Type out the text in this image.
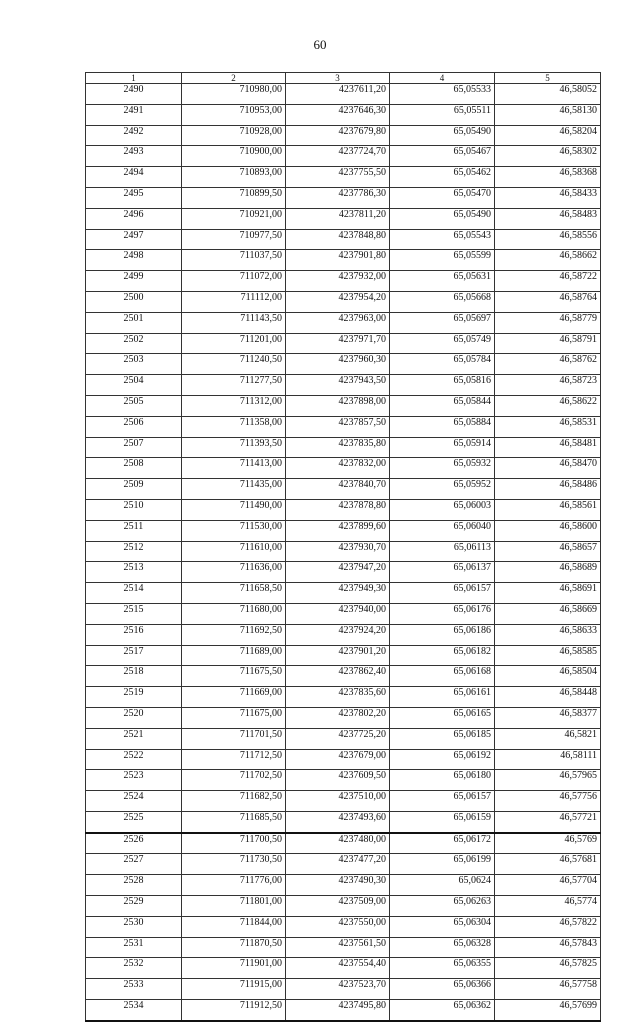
60
1	2	3	4	5
2490	710980,00	4237611,20	65,05533	46,58052
2491	710953,00	4237646,30	65,05511	46,58130
2492	710928,00	4237679,80	65,05490	46,58204
2493	710900,00	4237724,70	65,05467	46,58302
2494	710893,00	4237755,50	65,05462	46,58368
2495	710899,50	4237786,30	65,05470	46,58433
2496	710921,00	4237811,20	65,05490	46,58483
2497	710977,50	4237848,80	65,05543	46,58556
2498	711037,50	4237901,80	65,05599	46,58662
2499	711072,00	4237932,00	65,05631	46,58722
2500	711112,00	4237954,20	65,05668	46,58764
2501	711143,50	4237963,00	65,05697	46,58779
2502	711201,00	4237971,70	65,05749	46,58791
2503	711240,50	4237960,30	65,05784	46,58762
2504	711277,50	4237943,50	65,05816	46,58723
2505	711312,00	4237898,00	65,05844	46,58622
2506	711358,00	4237857,50	65,05884	46,58531
2507	711393,50	4237835,80	65,05914	46,58481
2508	711413,00	4237832,00	65,05932	46,58470
2509	711435,00	4237840,70	65,05952	46,58486
2510	711490,00	4237878,80	65,06003	46,58561
2511	711530,00	4237899,60	65,06040	46,58600
2512	711610,00	4237930,70	65,06113	46,58657
2513	711636,00	4237947,20	65,06137	46,58689
2514	711658,50	4237949,30	65,06157	46,58691
2515	711680,00	4237940,00	65,06176	46,58669
2516	711692,50	4237924,20	65,06186	46,58633
2517	711689,00	4237901,20	65,06182	46,58585
2518	711675,50	4237862,40	65,06168	46,58504
2519	711669,00	4237835,60	65,06161	46,58448
2520	711675,00	4237802,20	65,06165	46,58377
2521	711701,50	4237725,20	65,06185	46,5821
2522	711712,50	4237679,00	65,06192	46,58111
2523	711702,50	4237609,50	65,06180	46,57965
2524	711682,50	4237510,00	65,06157	46,57756
2525	711685,50	4237493,60	65,06159	46,57721
2526	711700,50	4237480,00	65,06172	46,5769
2527	711730,50	4237477,20	65,06199	46,57681
2528	711776,00	4237490,30	65,0624	46,57704
2529	711801,00	4237509,00	65,06263	46,5774
2530	711844,00	4237550,00	65,06304	46,57822
2531	711870,50	4237561,50	65,06328	46,57843
2532	711901,00	4237554,40	65,06355	46,57825
2533	711915,00	4237523,70	65,06366	46,57758
2534	711912,50	4237495,80	65,06362	46,57699
